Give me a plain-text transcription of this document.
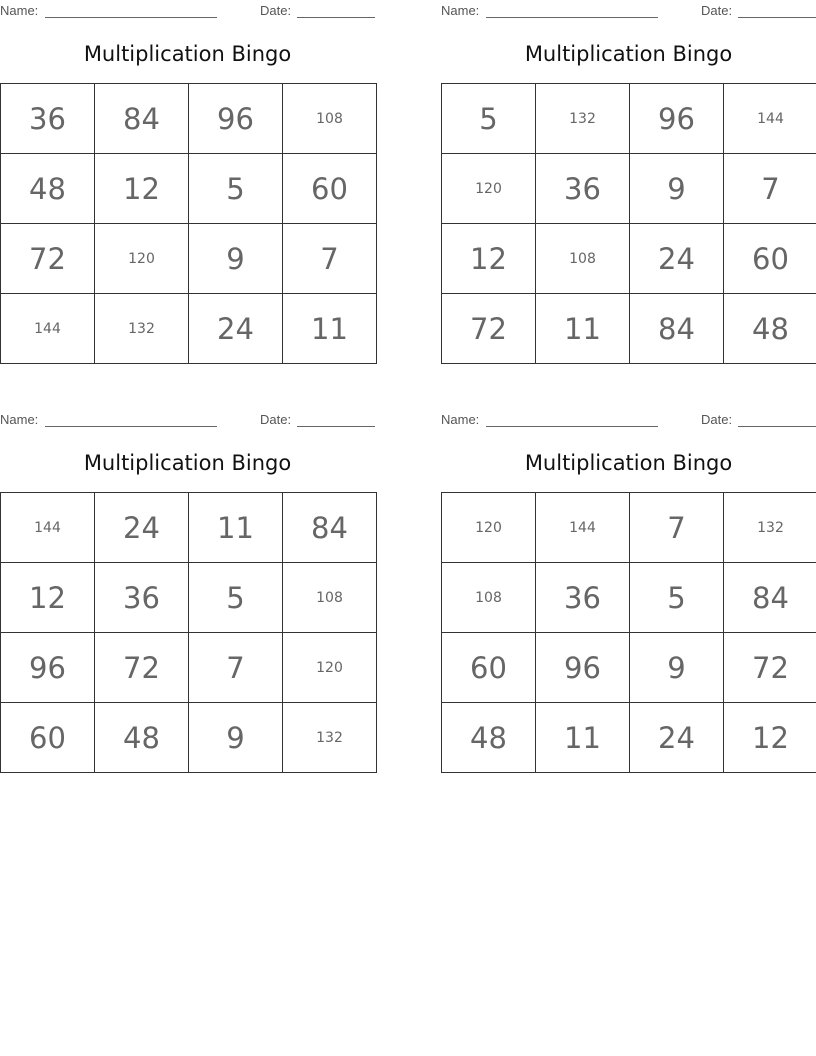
Name:	Date:
Multiplication Bingo
36	84	96	108
48	12	5	60
72	120	9	7
144	132	24	11
Name:	Date:
Multiplication Bingo
5	132	96	144
120	36	9	7
12	108	24	60
72	11	84	48
Name:	Date:
Multiplication Bingo
144	24	11	84
12	36	5	108
96	72	7	120
60	48	9	132
Name:	Date:
Multiplication Bingo
120	144	7	132
108	36	5	84
60	96	9	72
48	11	24	12
